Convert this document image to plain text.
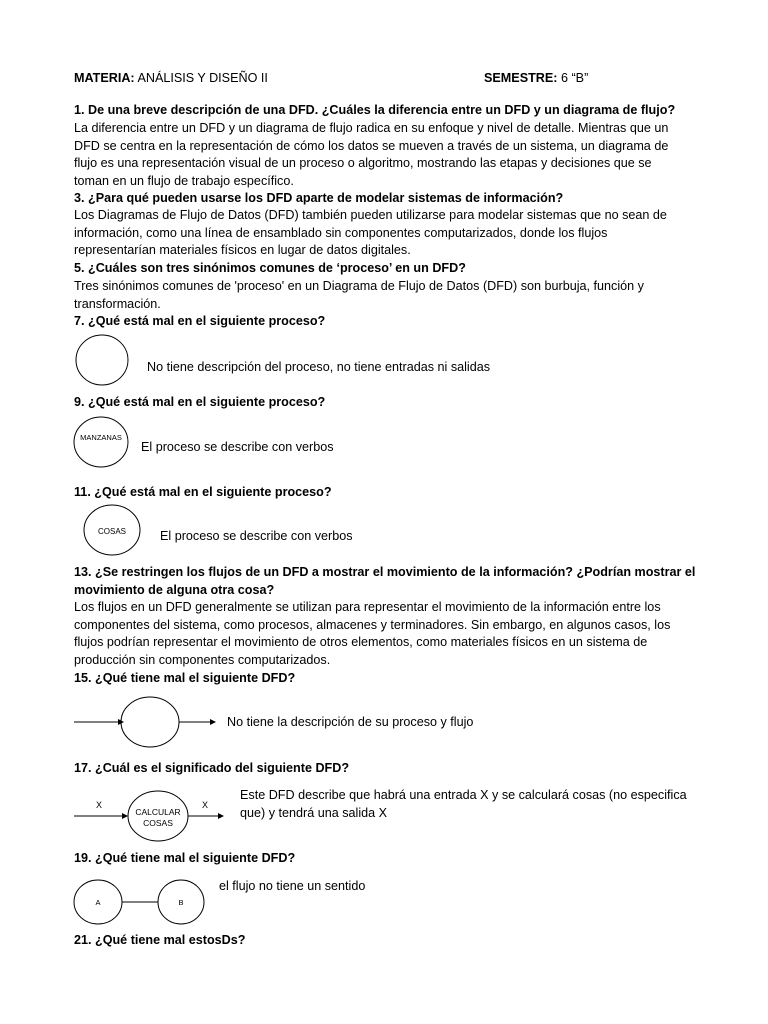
MATERIA: ANÁLISIS Y DISEÑO II	SEMESTRE: 6 “B”
1. De una breve descripción de una DFD. ¿Cuáles la diferencia entre un DFD y un diagrama de flujo?
La diferencia entre un DFD y un diagrama de flujo radica en su enfoque y nivel de detalle. Mientras que un
DFD se centra en la representación de cómo los datos se mueven a través de un sistema, un diagrama de
flujo es una representación visual de un proceso o algoritmo, mostrando las etapas y decisiones que se
toman en un flujo de trabajo específico.
3. ¿Para qué pueden usarse los DFD aparte de modelar sistemas de información?
Los Diagramas de Flujo de Datos (DFD) también pueden utilizarse para modelar sistemas que no sean de
información, como una línea de ensamblado sin componentes computarizados, donde los flujos
representarían materiales físicos en lugar de datos digitales.
5. ¿Cuáles son tres sinónimos comunes de ‘proceso’ en un DFD?
Tres sinónimos comunes de 'proceso' en un Diagrama de Flujo de Datos (DFD) son burbuja, función y
transformación.
7. ¿Qué está mal en el siguiente proceso?
No tiene descripción del proceso, no tiene entradas ni salidas
9. ¿Qué está mal en el siguiente proceso?
MANZANAS
El proceso se describe con verbos
11. ¿Qué está mal en el siguiente proceso?
COSAS	El proceso se describe con verbos
13. ¿Se restringen los flujos de un DFD a mostrar el movimiento de la información? ¿Podrían mostrar el
movimiento de alguna otra cosa?
Los flujos en un DFD generalmente se utilizan para representar el movimiento de la información entre los
componentes del sistema, como procesos, almacenes y terminadores. Sin embargo, en algunos casos, los
flujos podrían representar el movimiento de otros elementos, como materiales físicos en un sistema de
producción sin componentes computarizados.
15. ¿Qué tiene mal el siguiente DFD?
No tiene la descripción de su proceso y flujo
17. ¿Cuál es el significado del siguiente DFD?
X
CALCULAR
COSAS
X
Este DFD describe que habrá una entrada X y se calculará cosas (no especifica
que) y tendrá una salida X
19. ¿Qué tiene mal el siguiente DFD?
A	B
el flujo no tiene un sentido
21. ¿Qué tiene mal estosDs?
